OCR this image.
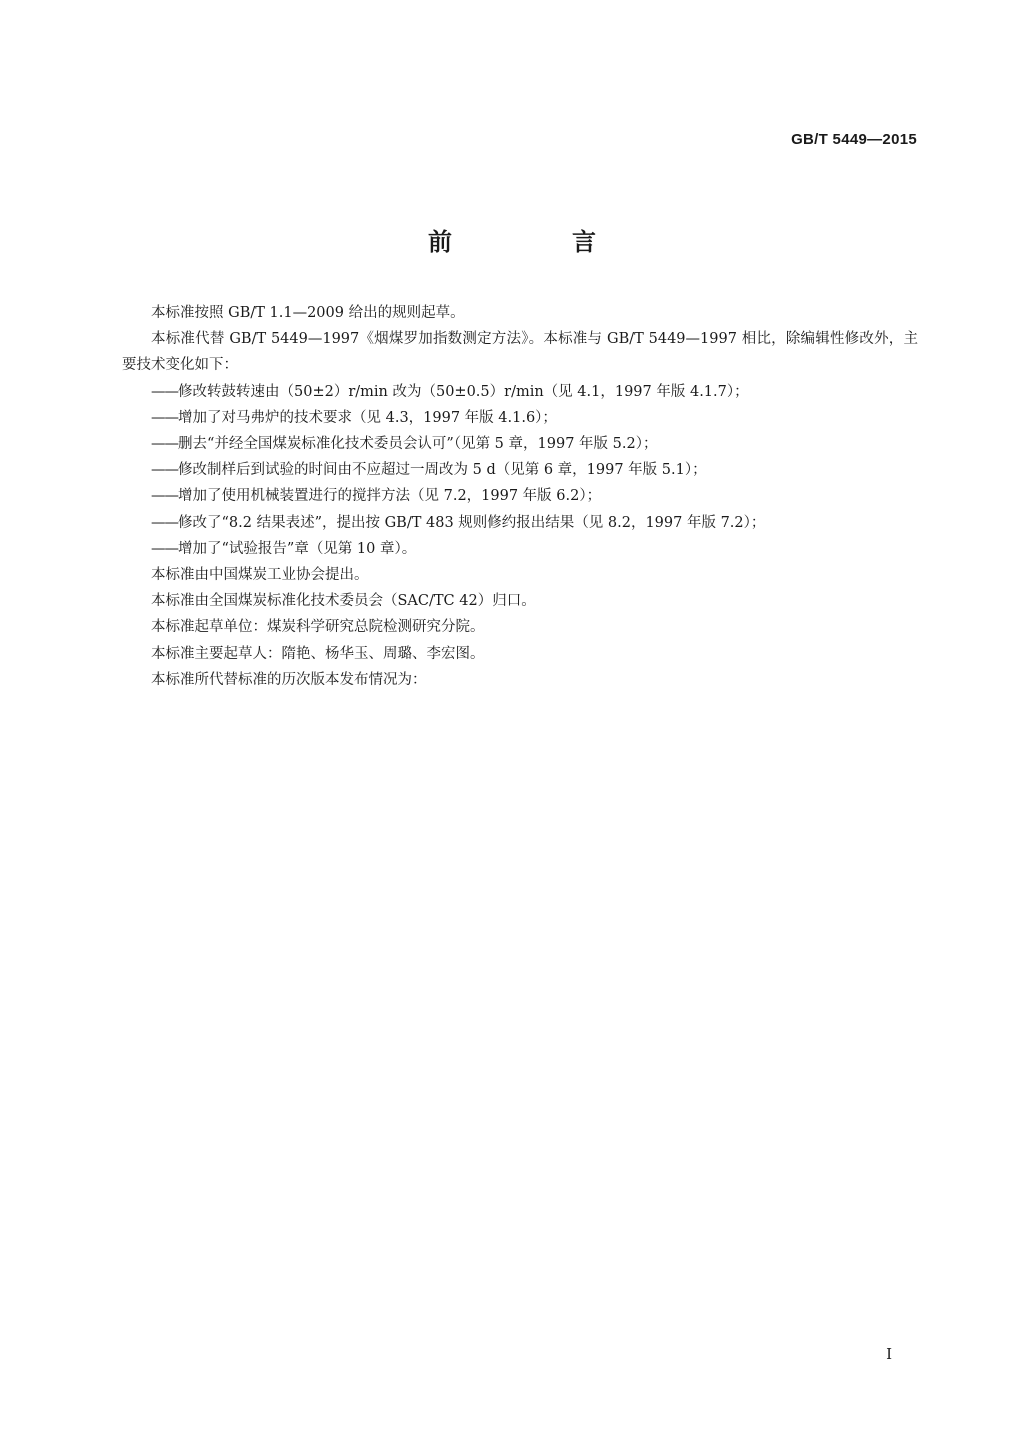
GB/T 5449—2015
前　言

本标准按照 GB/T 1.1—2009 给出的规则起草。

本标准代替 GB/T 5449—1997《烟煤罗加指数测定方法》。本标准与 GB/T 5449—1997 相比，除编辑性修改外，主要技术变化如下：

——修改转鼓转速由（50±2）r/min 改为（50±0.5）r/min（见 4.1，1997 年版 4.1.7）；

——增加了对马弗炉的技术要求（见 4.3，1997 年版 4.1.6）；

——删去“并经全国煤炭标准化技术委员会认可”（见第 5 章，1997 年版 5.2）；

——修改制样后到试验的时间由不应超过一周改为 5 d（见第 6 章，1997 年版 5.1）；

——增加了使用机械装置进行的搅拌方法（见 7.2，1997 年版 6.2）；

——修改了“8.2 结果表述”，提出按 GB/T 483 规则修约报出结果（见 8.2，1997 年版 7.2）；

——增加了“试验报告”章（见第 10 章）。

本标准由中国煤炭工业协会提出。

本标准由全国煤炭标准化技术委员会（SAC/TC 42）归口。

本标准起草单位：煤炭科学研究总院检测研究分院。

本标准主要起草人：隋艳、杨华玉、周璐、李宏图。

本标准所代替标准的历次版本发布情况为：

I
